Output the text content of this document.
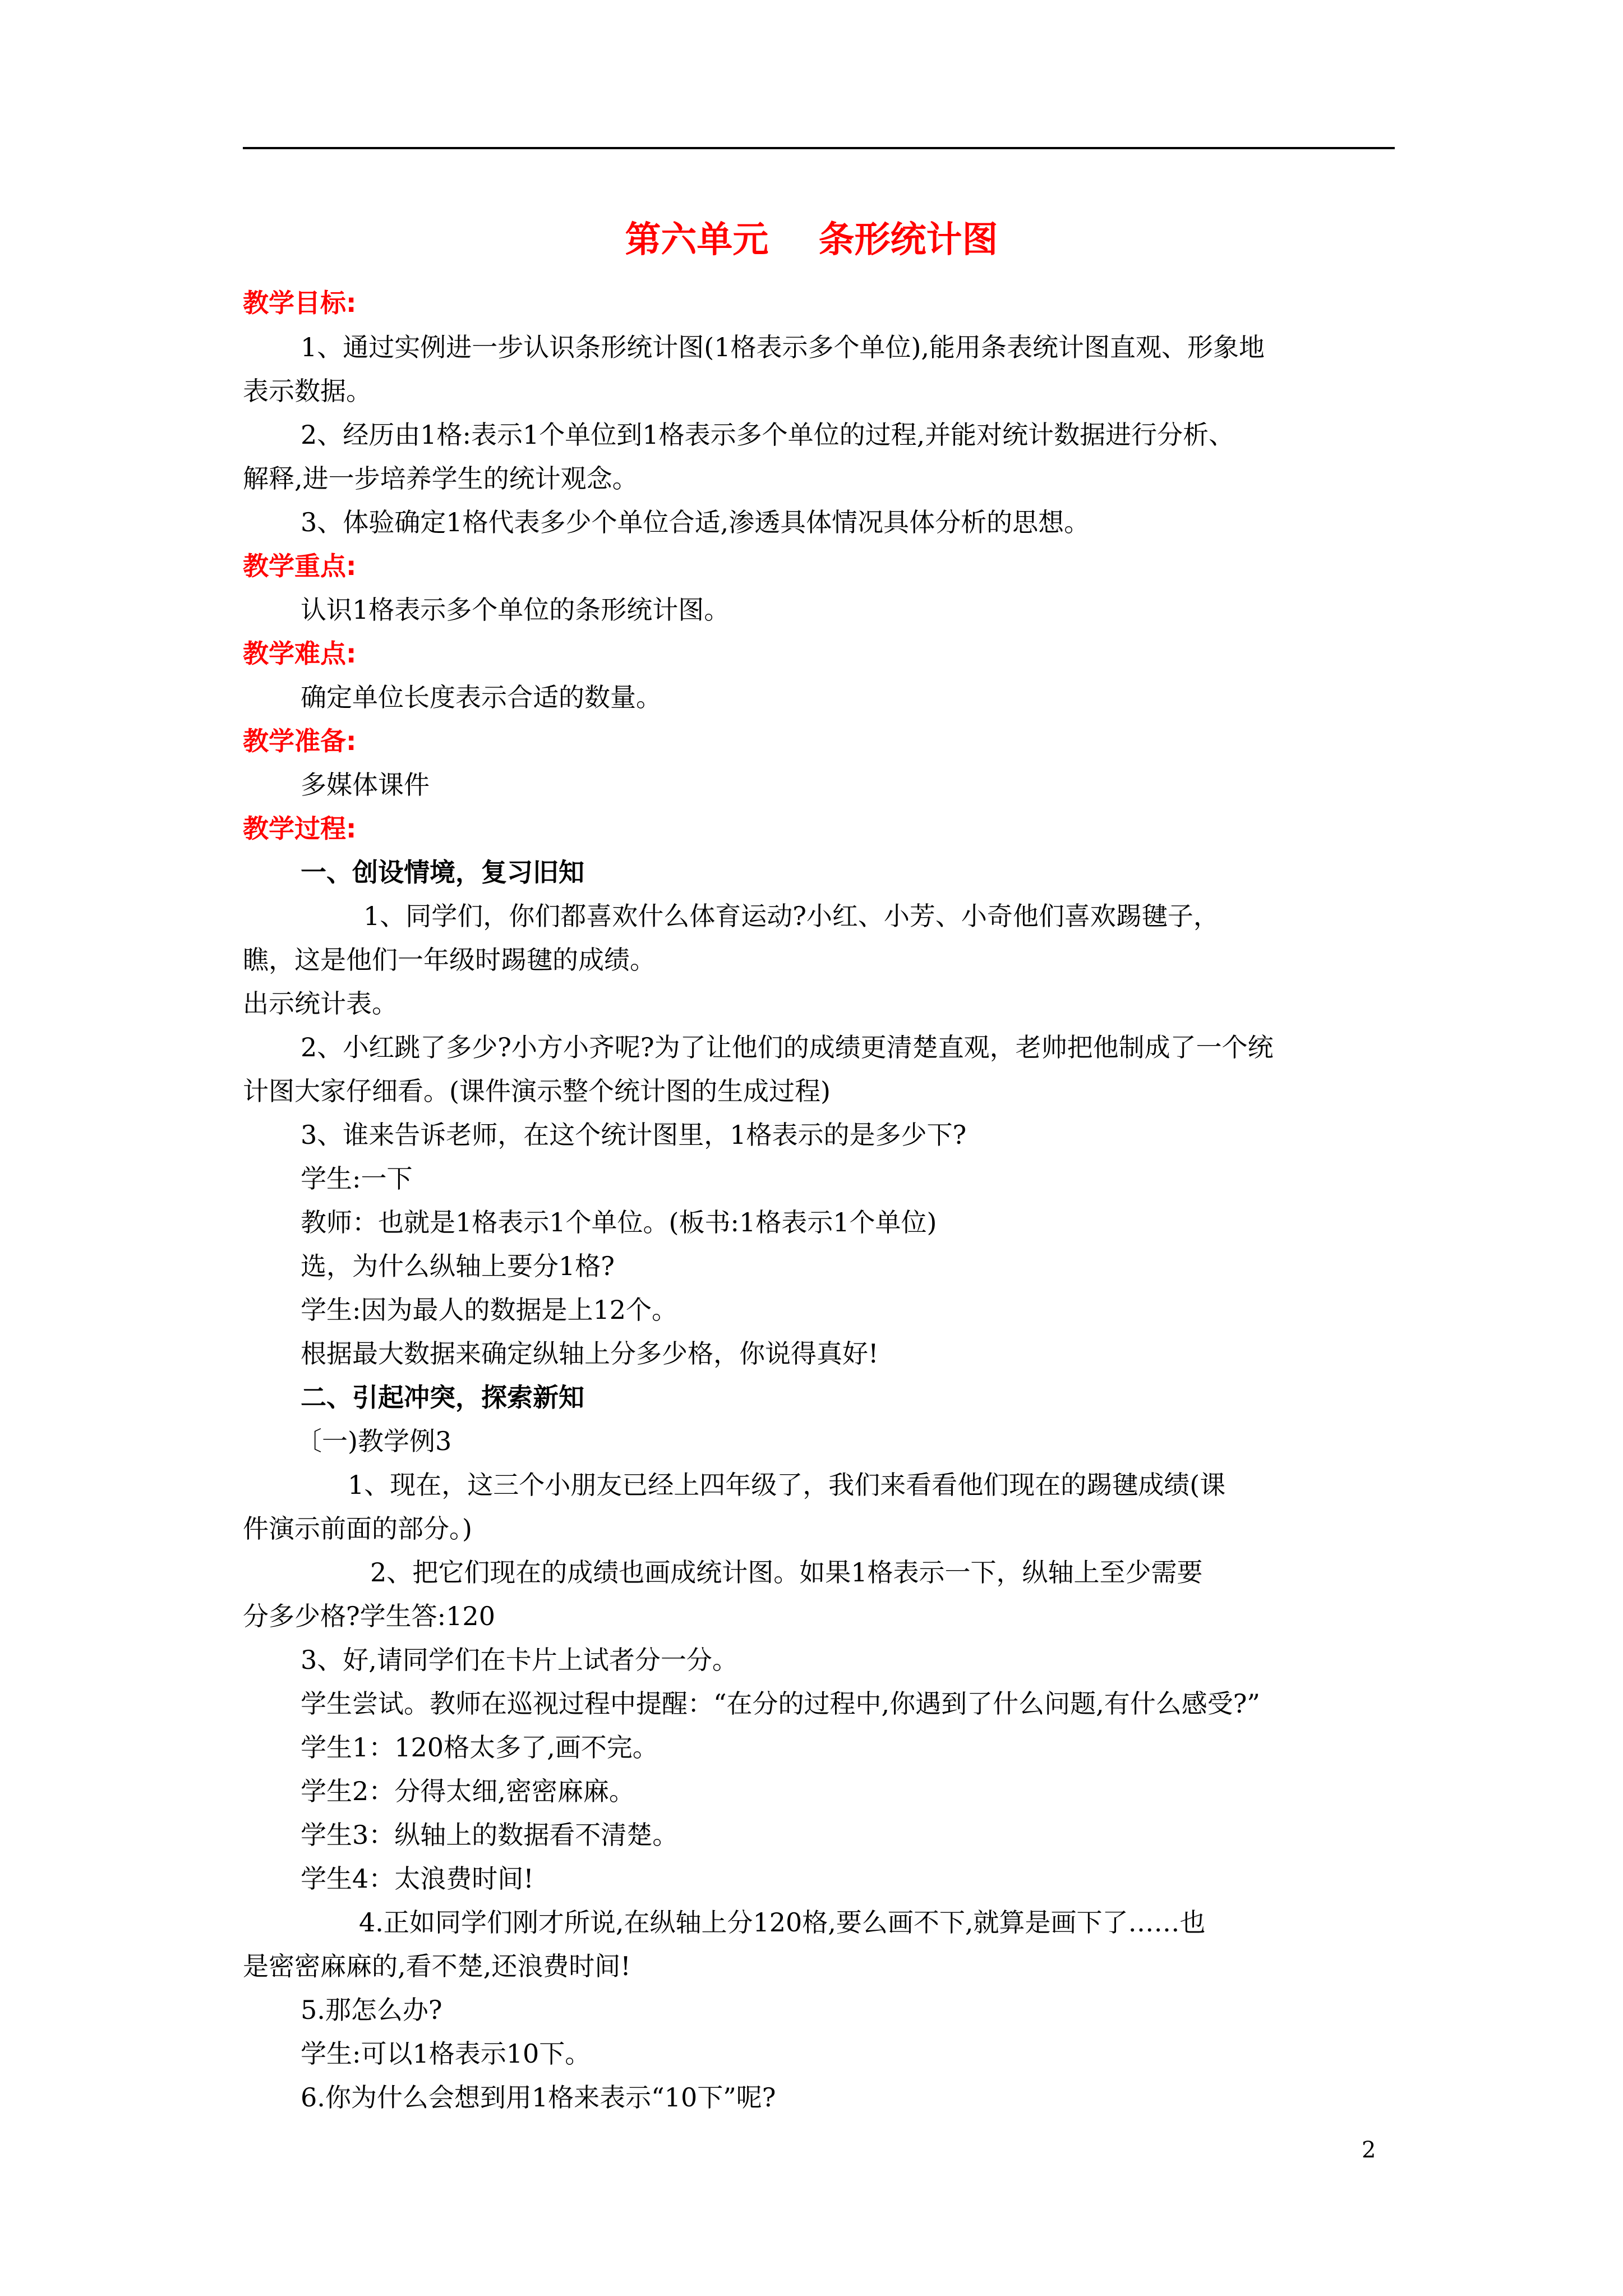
第六单元    条形统计图
教学目标:
1、通过实例进一步认识条形统计图(1格表示多个单位),能用条表统计图直观、形象地
表示数据。
2、经历由1格:表示1个单位到1格表示多个单位的过程,并能对统计数据进行分析、
解释,进一步培养学生的统计观念。
3、体验确定1格代表多少个单位合适,渗透具体情况具体分析的思想。
教学重点:
认识1格表示多个单位的条形统计图。
教学难点:
确定单位长度表示合适的数量。
教学准备:
多媒体课件
教学过程:
一、创设情境，复习旧知
1、同学们，你们都喜欢什么体育运动?小红、小芳、小奇他们喜欢踢毽子，
瞧，这是他们一年级时踢毽的成绩。
出示统计表。
2、小红跳了多少?小方小齐呢?为了让他们的成绩更清楚直观，老帅把他制成了一个统
计图大家仔细看。(课件演示整个统计图的生成过程)
3、谁来告诉老师，在这个统计图里，1格表示的是多少下?
学生:一下
教师：也就是1格表示1个单位。(板书:1格表示1个单位)
选，为什么纵轴上要分1格?
学生:因为最人的数据是上12个。
根据最大数据来确定纵轴上分多少格，你说得真好!
二、引起冲突，探索新知
〔一)教学例3
1、现在，这三个小朋友已经上四年级了，我们来看看他们现在的踢毽成绩(课
件演示前面的部分。)
2、把它们现在的成绩也画成统计图。如果1格表示一下，纵轴上至少需要
分多少格?学生答:120
3、好,请同学们在卡片上试者分一分。
学生尝试。教师在巡视过程中提醒：“在分的过程中,你遇到了什么问题,有什么感受?”
学生1：120格太多了,画不完。
学生2：分得太细,密密麻麻。
学生3：纵轴上的数据看不清楚。
学生4：太浪费时间!
4.正如同学们刚才所说,在纵轴上分120格,要么画不下,就算是画下了……也
是密密麻麻的,看不楚,还浪费时间!
5.那怎么办?
学生:可以1格表示10下。
6.你为什么会想到用1格来表示“10下”呢?
2
